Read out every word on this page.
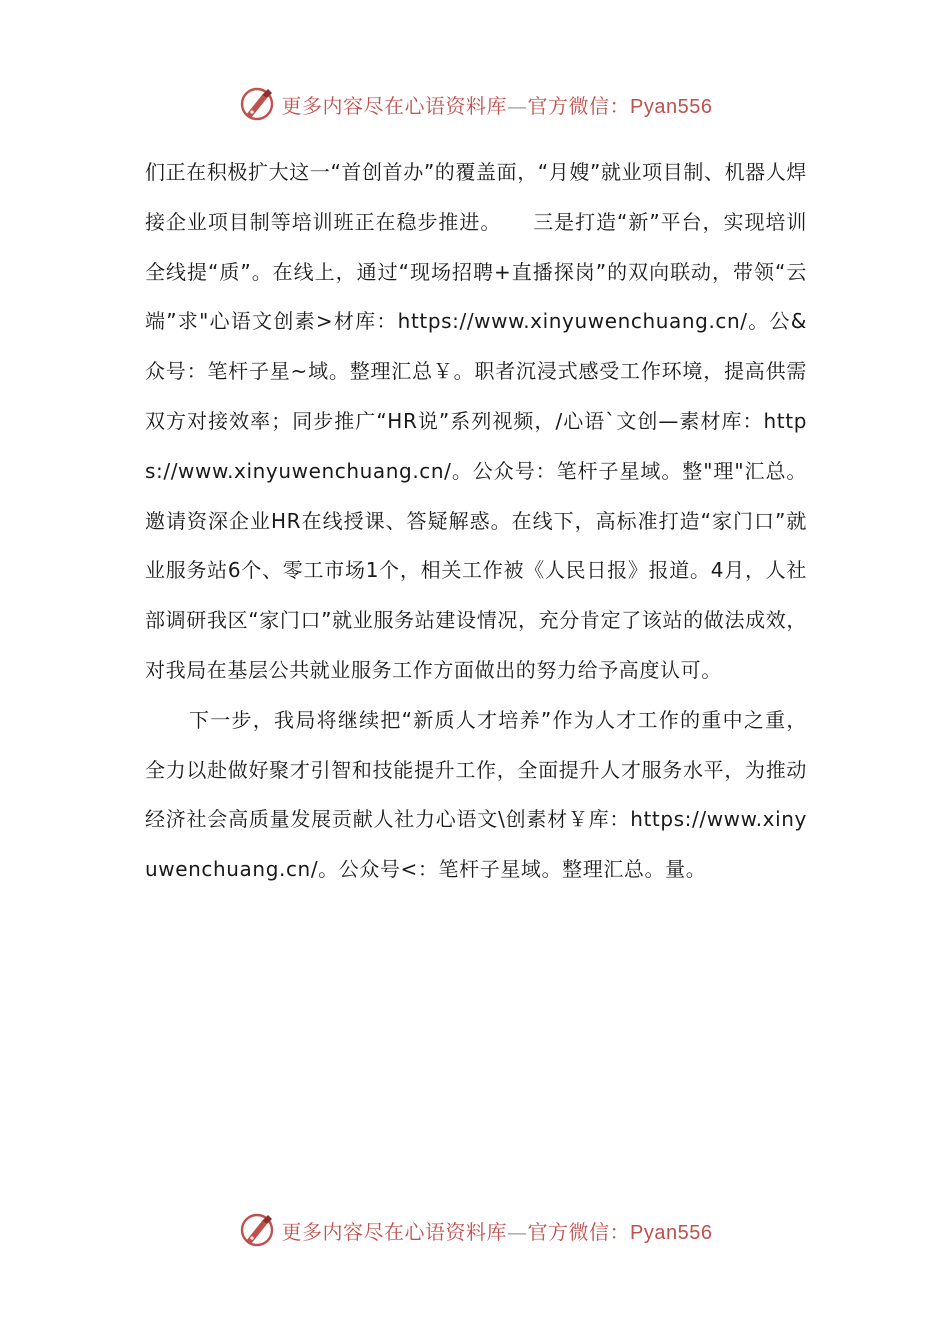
更多内容尽在心语资料库—官方微信：Pyan556

们正在积极扩大这一“首创首办”的覆盖面，“月嫂”就业项目制、机器人焊接企业项目制等培训班正在稳步推进。　　三是打造“新”平台，实现培训全线提“质”。在线上，通过“现场招聘+直播探岗”的双向联动，带领“云端”求"心语文创素>材库：https://www.xinyuwenchuang.cn/。公&众号：笔杆子星~域。整理汇总￥。职者沉浸式感受工作环境，提高供需双方对接效率；同步推广“HR说”系列视频，/心语`文创—素材库：https://www.xinyuwenchuang.cn/。公众号：笔杆子星域。整"理"汇总。邀请资深企业HR在线授课、答疑解惑。在线下，高标准打造“家门口”就业服务站6个、零工市场1个，相关工作被《人民日报》报道。4月，人社部调研我区“家门口”就业服务站建设情况，充分肯定了该站的做法成效，对我局在基层公共就业服务工作方面做出的努力给予高度认可。

下一步，我局将继续把“新质人才培养”作为人才工作的重中之重，全力以赴做好聚才引智和技能提升工作，全面提升人才服务水平，为推动经济社会高质量发展贡献人社力心语文\创素材￥库：https://www.xinyuwenchuang.cn/。公众号<：笔杆子星域。整理汇总。量。

更多内容尽在心语资料库—官方微信：Pyan556
